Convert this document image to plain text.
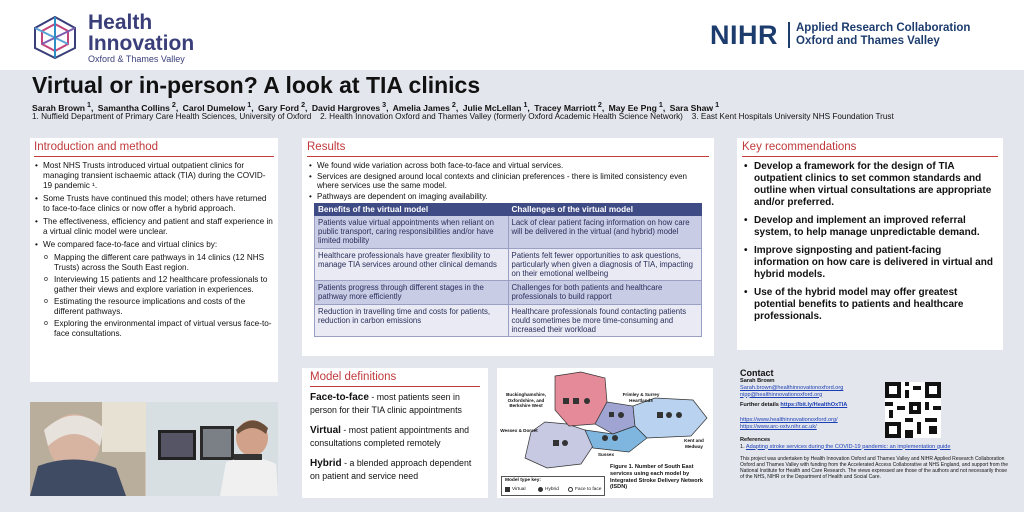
Health
Innovation
Oxford & Thames Valley
NIHR Applied Research Collaboration
Oxford and Thames Valley
Virtual or in-person? A look at TIA clinics
Sarah Brown $^1$, Samantha Collins $^2$, Carol Dumelow $^1$, Gary Ford $^2$, David Hargroves $^3$, Amelia James $^2$, Julie McLellan $^1$, Tracey Marriott $^2$, May Ee Png $^1$, Sara Shaw $^1$
1. Nuffield Department of Primary Care Health Sciences, University of Oxford 2. Health Innovation Oxford and Thames Valley (formerly Oxford Academic Health Science Network) 3. East Kent Hospitals University NHS Foundation Trust
Introduction and method
• Most NHS Trusts introduced virtual outpatient clinics for managing transient ischaemic attack (TIA) during the COVID-19 pandemic ¹.
• Some Trusts have continued this model; others have returned to face-to-face clinics or now offer a hybrid approach.
• The effectiveness, efficiency and patient and staff experience in a virtual clinic model were unclear.
• We compared face-to-face and virtual clinics by:
o Mapping the different care pathways in 14 clinics (12 NHS Trusts) across the South East region.
o Interviewing 15 patients and 12 healthcare professionals to gather their views and explore variation in experiences.
o Estimating the resource implications and costs of the different pathways.
o Exploring the environmental impact of virtual versus face-to-face consultations.
Results
• We found wide variation across both face-to-face and virtual services.
• Services are designed around local contexts and clinician preferences - there is limited consistency even where services use the same model.
• Pathways are dependent on imaging availability.
Benefits of the virtual model	Challenges of the virtual model
Patients value virtual appointments when reliant on public transport, caring responsibilities and/or have limited mobility	Lack of clear patient facing information on how care will be delivered in the virtual (and hybrid) model
Healthcare professionals have greater flexibility to manage TIA services around other clinical demands	Patients felt fewer opportunities to ask questions, particularly when given a diagnosis of TIA, impacting on their emotional wellbeing
Patients progress through different stages in the pathway more efficiently	Challenges for both patients and healthcare professionals to build rapport
Reduction in travelling time and costs for patients, reduction in carbon emissions	Healthcare professionals found contacting patients could sometimes be more time-consuming and increased their workload
Model definitions
Face-to-face - most patients seen in person for their TIA clinic appointments
Virtual - most patient appointments and consultations completed remotely
Hybrid - a blended approach dependent on patient and service need
Buckinghamshire, Oxfordshire, and Berkshire West
Frimley & Surrey Heartlands
Wessex & Dorset
Sussex
Kent and Medway
Figure 1. Number of South East services using each model by Integrated Stroke Delivery Network (ISDN)
Model type key:
Virtual	Hybrid	Face to face
Key recommendations
• Develop a framework for the design of TIA outpatient clinics to set common standards and outline when virtual consultations are appropriate and/or preferred.
• Develop and implement an improved referral system, to help manage unpredictable demand.
• Improve signposting and patient-facing information on how care is delivered in virtual and hybrid models.
• Use of the hybrid model may offer greatest potential benefits to patients and healthcare professionals.
Contact
Sarah Brown
Sarah.brown@healthinnovationoxford.org
nipp@healthinnovationoxford.org
Further details https://bit.ly/HealthOxTIA
https://www.healthinnovationoxford.org/
https://www.arc-oxtv.nihr.ac.uk/
References
1. Adapting stroke services during the COVID-19 pandemic: an implementation guide
This project was undertaken by Health Innovation Oxford and Thames Valley and NIHR Applied Research Collaboration Oxford and Thames Valley with funding from the Accelerated Access Collaborative at NHS England, and support from the National Institute for Health and Care Research. The views expressed are those of the authors and not necessarily those of the NHS, NIHR or the Department of Health and Social Care.
